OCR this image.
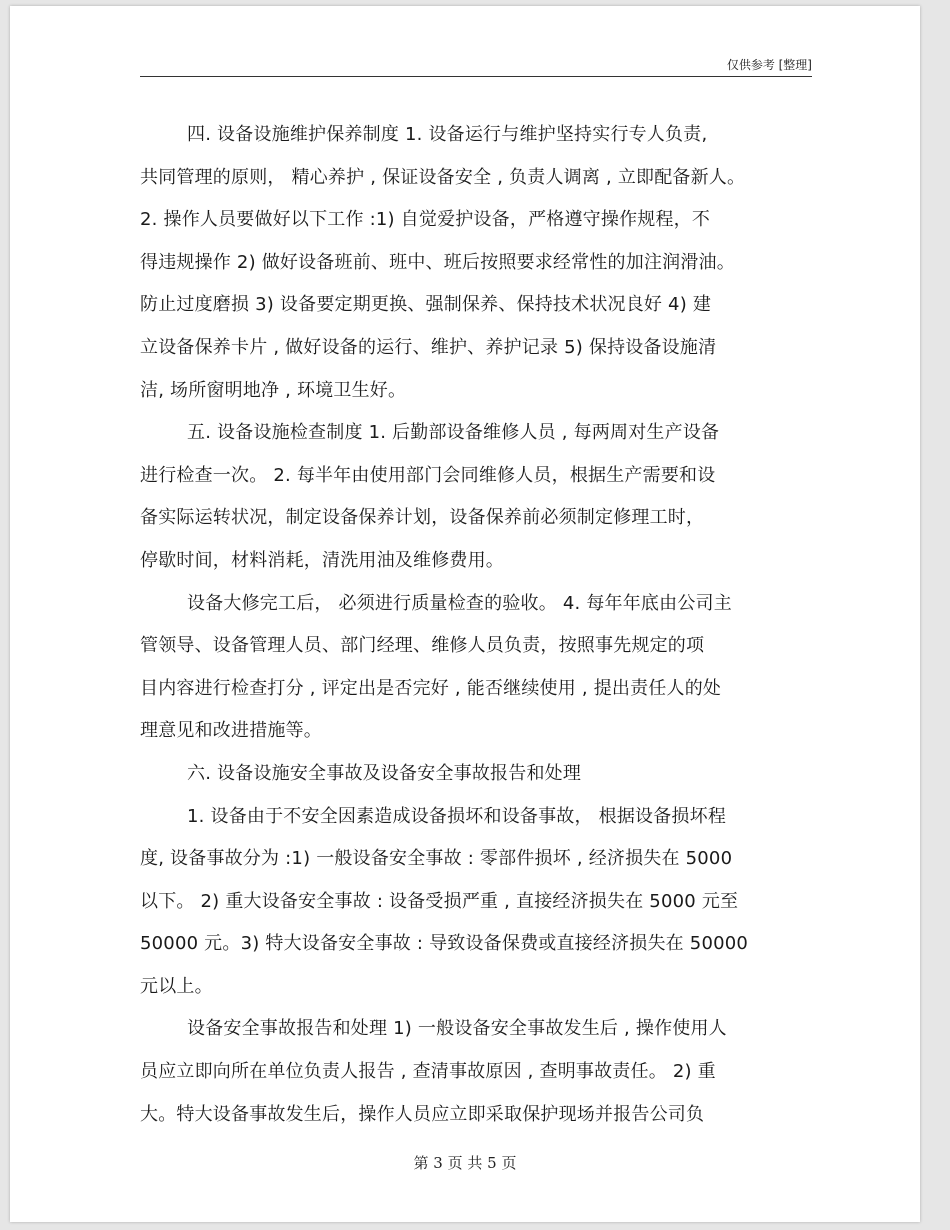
仅供参考 [整理]
四. 设备设施维护保养制度 1. 设备运行与维护坚持实行专人负责,
共同管理的原则， 精心养护 , 保证设备安全 , 负责人调离 , 立即配备新人。
2. 操作人员要做好以下工作 :1) 自觉爱护设备，严格遵守操作规程，不
得违规操作 2) 做好设备班前、班中、班后按照要求经常性的加注润滑油。
防止过度磨损 3) 设备要定期更换、强制保养、保持技术状况良好 4) 建
立设备保养卡片 , 做好设备的运行、维护、养护记录 5) 保持设备设施清
洁, 场所窗明地净 , 环境卫生好。
五. 设备设施检查制度 1. 后勤部设备维修人员 , 每两周对生产设备
进行检查一次。 2. 每半年由使用部门会同维修人员，根据生产需要和设
备实际运转状况，制定设备保养计划，设备保养前必须制定修理工时，
停歇时间，材料消耗，清洗用油及维修费用。
设备大修完工后， 必须进行质量检查的验收。 4. 每年年底由公司主
管领导、设备管理人员、部门经理、维修人员负责，按照事先规定的项
目内容进行检查打分 , 评定出是否完好 , 能否继续使用 , 提出责任人的处
理意见和改进措施等。
六. 设备设施安全事故及设备安全事故报告和处理
1. 设备由于不安全因素造成设备损坏和设备事故， 根据设备损坏程
度, 设备事故分为 :1) 一般设备安全事故 : 零部件损坏 , 经济损失在 5000
以下。 2) 重大设备安全事故 : 设备受损严重 , 直接经济损失在 5000 元至
50000 元。3) 特大设备安全事故 : 导致设备保费或直接经济损失在 50000
元以上。
设备安全事故报告和处理 1) 一般设备安全事故发生后 , 操作使用人
员应立即向所在单位负责人报告 , 查清事故原因 , 查明事故责任。 2) 重
大。特大设备事故发生后，操作人员应立即采取保护现场并报告公司负
第 3 页 共 5 页
